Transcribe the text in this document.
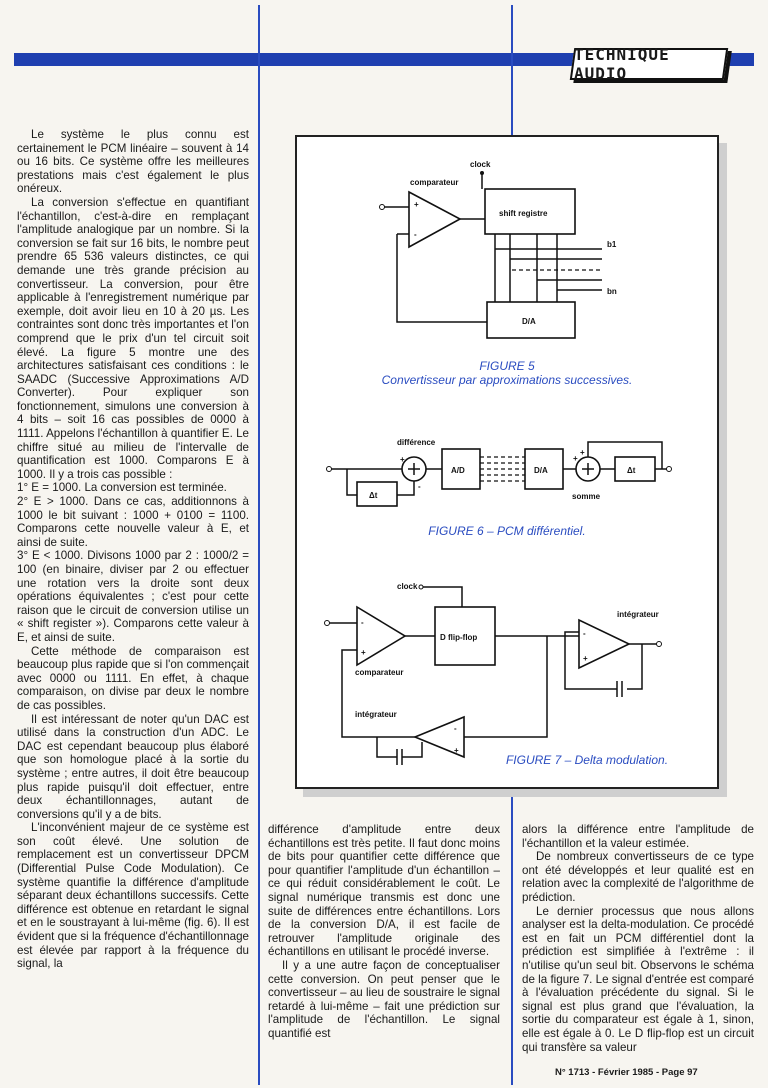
TECHNIQUE AUDIO

Le système le plus connu est certainement le PCM linéaire – souvent à 14 ou 16 bits. Ce système offre les meilleures prestations mais c'est également le plus onéreux.

La conversion s'effectue en quantifiant l'échantillon, c'est-à-dire en remplaçant l'amplitude analogique par un nombre. Si la conversion se fait sur 16 bits, le nombre peut prendre 65 536 valeurs distinctes, ce qui demande une très grande précision au convertisseur. La conversion, pour être applicable à l'enregistrement numérique par exemple, doit avoir lieu en 10 à 20 µs. Les contraintes sont donc très importantes et l'on comprend que le prix d'un tel circuit soit élevé. La figure 5 montre une des architectures satisfaisant ces conditions : le SAADC (Successive Approximations A/D Converter). Pour expliquer son fonctionnement, simulons une conversion à 4 bits – soit 16 cas possibles de 0000 à 1111. Appelons l'échantillon à quantifier E. Le chiffre situé au milieu de l'intervalle de quantification est 1000. Comparons E à 1000. Il y a trois cas possible :

1° E = 1000. La conversion est terminée.

2° E > 1000. Dans ce cas, additionnons à 1000 le bit suivant : 1000 + 0100 = 1100. Comparons cette nouvelle valeur à E, et ainsi de suite.

3° E < 1000. Divisons 1000 par 2 : 1000/2 = 100 (en binaire, diviser par 2 ou effectuer une rotation vers la droite sont deux opérations équivalentes ; c'est pour cette raison que le circuit de conversion utilise un « shift register »). Comparons cette valeur à E, et ainsi de suite.

Cette méthode de comparaison est beaucoup plus rapide que si l'on commençait avec 0000 ou 1111. En effet, à chaque comparaison, on divise par deux le nombre de cas possibles.

Il est intéressant de noter qu'un DAC est utilisé dans la construction d'un ADC. Le DAC est cependant beaucoup plus élaboré que son homologue placé à la sortie du système ; entre autres, il doit être beaucoup plus rapide puisqu'il doit effectuer, entre deux échantillonnages, autant de conversions qu'il y a de bits.

L'inconvénient majeur de ce système est son coût élevé. Une solution de remplacement est un convertisseur DPCM (Differential Pulse Code Modulation). Ce système quantifie la différence d'amplitude séparant deux échantillons successifs. Cette différence est obtenue en retardant le signal et en le soustrayant à lui-même (fig. 6). Il est évident que si la fréquence d'échantillonnage est élevée par rapport à la fréquence du signal, la

différence d'amplitude entre deux échantillons est très petite. Il faut donc moins de bits pour quantifier cette différence que pour quantifier l'amplitude d'un échantillon – ce qui réduit considérablement le coût. Le signal numérique transmis est donc une suite de différences entre échantillons. Lors de la conversion D/A, il est facile de retrouver l'amplitude originale des échantillons en utilisant le procédé inverse.

Il y a une autre façon de conceptualiser cette conversion. On peut penser que le convertisseur – au lieu de soustraire le signal retardé à lui-même – fait une prédiction sur l'amplitude de l'échantillon. Le signal quantifié est

alors la différence entre l'amplitude de l'échantillon et la valeur estimée.

De nombreux convertisseurs de ce type ont été développés et leur qualité est en relation avec la complexité de l'algorithme de prédiction.

Le dernier processus que nous allons analyser est la delta-modulation. Ce procédé est en fait un PCM différentiel dont la prédiction est simplifiée à l'extrême : il n'utilise qu'un seul bit. Observons le schéma de la figure 7. Le signal d'entrée est comparé à l'évaluation précédente du signal. Si le signal est plus grand que l'évaluation, la sortie du comparateur est égale à 1, sinon, elle est égale à 0. Le D flip-flop est un circuit qui transfère sa valeur

clock
comparateur
+
-
shift registre
b1
bn
D/A
différence
+
-
Δt
A/D	D/A
+
+
somme
Δt
clock
-
+
comparateur
D flip-flop
-
+
intégrateur
-
+
intégrateur
FIGURE 5
Convertisseur par approximations successives.
FIGURE 6 – PCM différentiel.
FIGURE 7 – Delta modulation.
N° 1713 - Février 1985 - Page 97
